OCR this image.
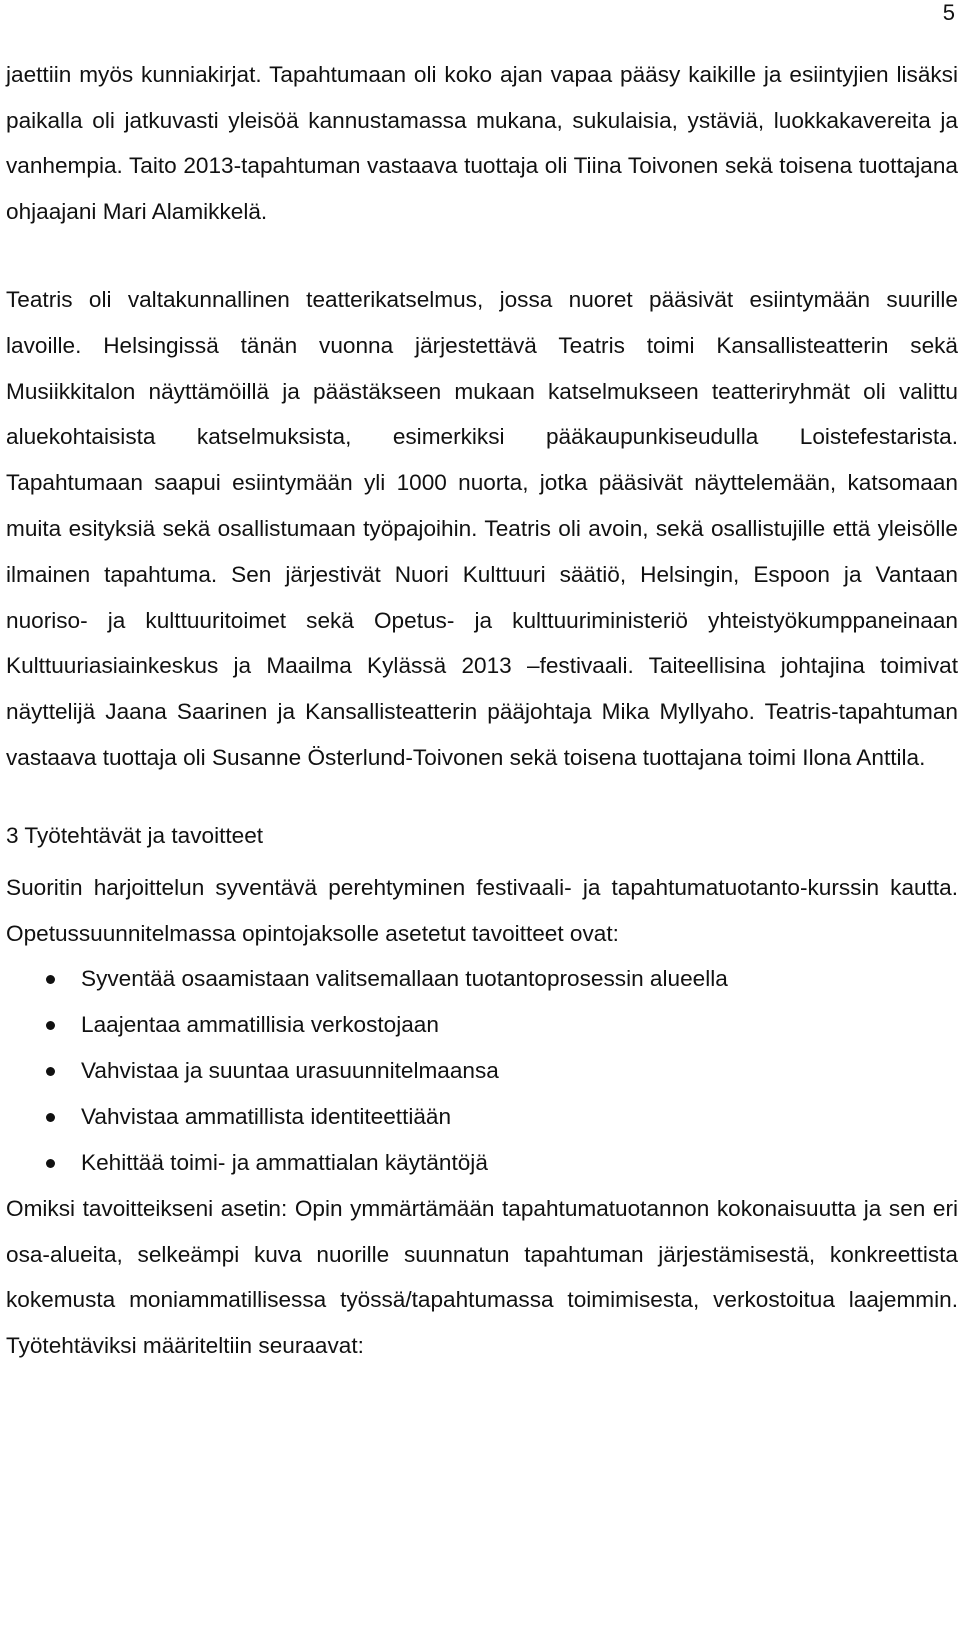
5

jaettiin myös kunniakirjat. Tapahtumaan oli koko ajan vapaa pääsy kaikille ja esiintyjien lisäksi paikalla oli jatkuvasti yleisöä kannustamassa mukana, sukulaisia, ystäviä, luokkakavereita ja vanhempia. Taito 2013-tapahtuman vastaava tuottaja oli Tiina Toivonen sekä toisena tuottajana ohjaajani Mari Alamikkelä.

Teatris oli valtakunnallinen teatterikatselmus, jossa nuoret pääsivät esiintymään suurille lavoille. Helsingissä tänän vuonna järjestettävä Teatris toimi Kansallisteatterin sekä Musiikkitalon näyttämöillä ja päästäkseen mukaan katselmukseen teatteriryhmät oli valittu aluekohtaisista katselmuksista, esimerkiksi pääkaupunkiseudulla Loistefestarista. Tapahtumaan saapui esiintymään yli 1000 nuorta, jotka pääsivät näyttelemään, katsomaan muita esityksiä sekä osallistumaan työpajoihin. Teatris oli avoin, sekä osallistujille että yleisölle ilmainen tapahtuma. Sen järjestivät Nuori Kulttuuri säätiö, Helsingin, Espoon ja Vantaan nuoriso- ja kulttuuritoimet sekä Opetus- ja kulttuuriministeriö yhteistyökumppaneinaan Kulttuuriasiainkeskus ja Maailma Kylässä 2013 –festivaali. Taiteellisina johtajina toimivat näyttelijä Jaana Saarinen ja Kansallisteatterin pääjohtaja Mika Myllyaho. Teatris-tapahtuman vastaava tuottaja oli Susanne Österlund-Toivonen sekä toisena tuottajana toimi Ilona Anttila.

3 Työtehtävät ja tavoitteet

Suoritin harjoittelun syventävä perehtyminen festivaali- ja tapahtumatuotanto-kurssin kautta. Opetussuunnitelmassa opintojaksolle asetetut tavoitteet ovat:

Syventää osaamistaan valitsemallaan tuotantoprosessin alueella
Laajentaa ammatillisia verkostojaan
Vahvistaa ja suuntaa urasuunnitelmaansa
Vahvistaa ammatillista identiteettiään
Kehittää toimi- ja ammattialan käytäntöjä

Omiksi tavoitteikseni asetin: Opin ymmärtämään tapahtumatuotannon kokonaisuutta ja sen eri osa-alueita, selkeämpi kuva nuorille suunnatun tapahtuman järjestämisestä, konkreettista kokemusta moniammatillisessa työssä/tapahtumassa toimimisesta, verkostoitua laajemmin. Työtehtäviksi määriteltiin seuraavat:
